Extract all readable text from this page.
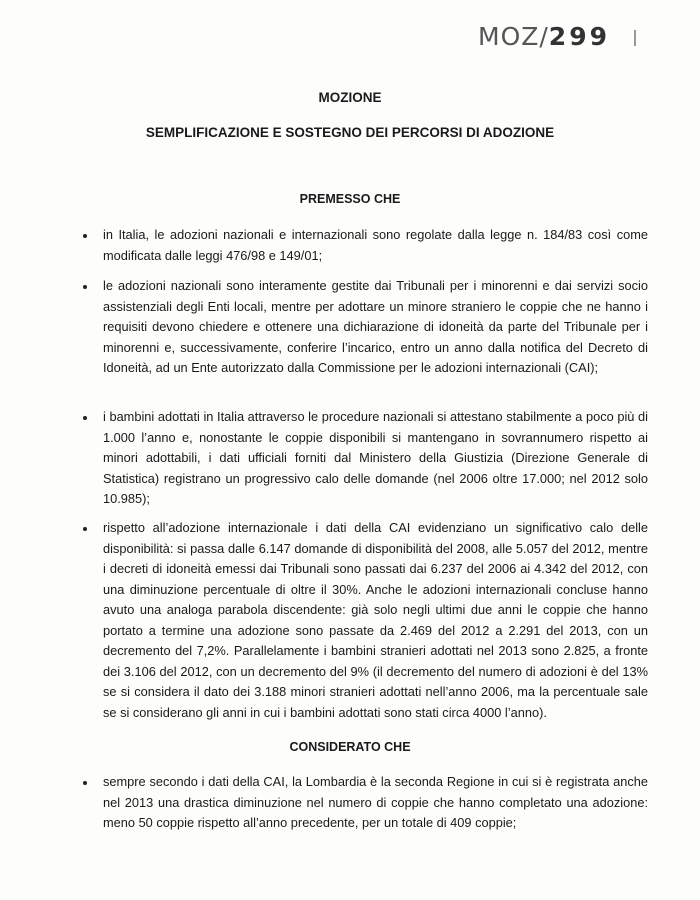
MOZ/299
MOZIONE
SEMPLIFICAZIONE E SOSTEGNO DEI PERCORSI DI ADOZIONE
PREMESSO CHE
in Italia, le adozioni nazionali e internazionali sono regolate dalla legge n. 184/83 così come modificata dalle leggi 476/98 e 149/01;
le adozioni nazionali sono interamente gestite dai Tribunali per i minorenni e dai servizi socio assistenziali degli Enti locali, mentre per adottare un minore straniero le coppie che ne hanno i requisiti devono chiedere e ottenere una dichiarazione di idoneità da parte del Tribunale per i minorenni e, successivamente, conferire l’incarico, entro un anno dalla notifica del Decreto di Idoneità, ad un Ente autorizzato dalla Commissione per le adozioni internazionali (CAI);
i bambini adottati in Italia attraverso le procedure nazionali si attestano stabilmente a poco più di 1.000 l’anno e, nonostante le coppie disponibili si mantengano in sovrannumero rispetto ai minori adottabili, i dati ufficiali forniti dal Ministero della Giustizia (Direzione Generale di Statistica) registrano un progressivo calo delle domande (nel 2006 oltre 17.000; nel 2012 solo 10.985);
rispetto all’adozione internazionale i dati della CAI evidenziano un significativo calo delle disponibilità: si passa dalle 6.147 domande di disponibilità del 2008, alle 5.057 del 2012, mentre i decreti di idoneità emessi dai Tribunali sono passati dai 6.237 del 2006 ai 4.342 del 2012, con una diminuzione percentuale di oltre il 30%. Anche le adozioni internazionali concluse hanno avuto una analoga parabola discendente: già solo negli ultimi due anni le coppie che hanno portato a termine una adozione sono passate da 2.469 del 2012 a 2.291 del 2013, con un decremento del 7,2%. Parallelamente i bambini stranieri adottati nel 2013 sono 2.825, a fronte dei 3.106 del 2012, con un decremento del 9% (il decremento del numero di adozioni è del 13% se si considera il dato dei 3.188 minori stranieri adottati nell’anno 2006, ma la percentuale sale se si considerano gli anni in cui i bambini adottati sono stati circa 4000 l’anno).
CONSIDERATO CHE
sempre secondo i dati della CAI, la Lombardia è la seconda Regione in cui si è registrata anche nel 2013 una drastica diminuzione nel numero di coppie che hanno completato una adozione: meno 50 coppie rispetto all’anno precedente, per un totale di 409 coppie;
